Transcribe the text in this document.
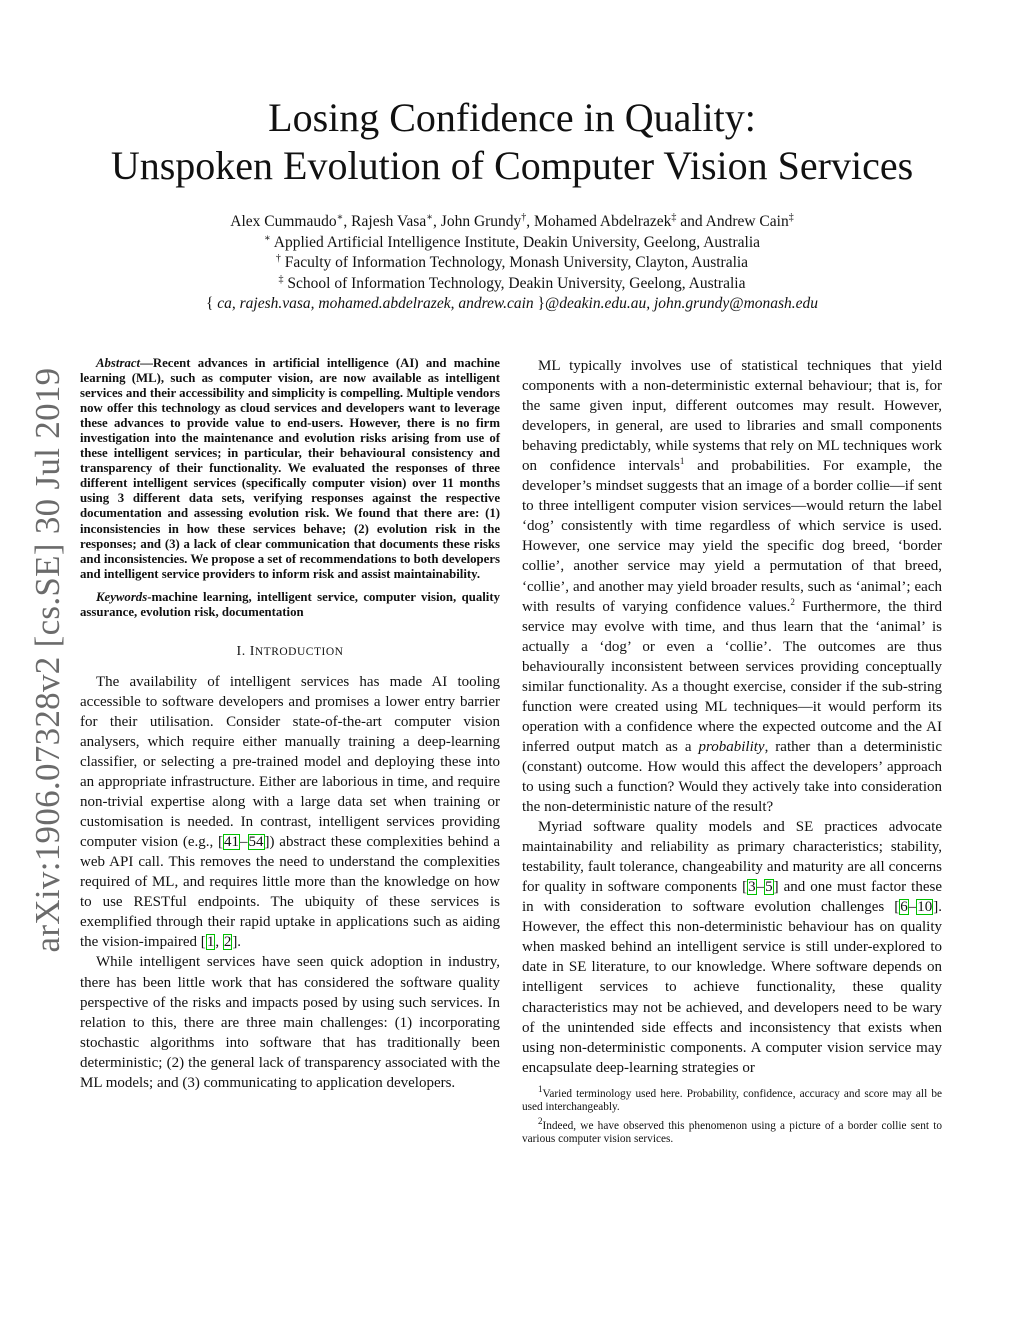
arXiv:1906.07328v2 [cs.SE] 30 Jul 2019
Losing Confidence in Quality:
Unspoken Evolution of Computer Vision Services
Alex Cummaudo∗, Rajesh Vasa∗, John Grundy†, Mohamed Abdelrazek‡ and Andrew Cain‡
∗ Applied Artificial Intelligence Institute, Deakin University, Geelong, Australia
† Faculty of Information Technology, Monash University, Clayton, Australia
‡ School of Information Technology, Deakin University, Geelong, Australia
{ ca, rajesh.vasa, mohamed.abdelrazek, andrew.cain }@deakin.edu.au, john.grundy@monash.edu

Abstract—Recent advances in artificial intelligence (AI) and machine learning (ML), such as computer vision, are now available as intelligent services and their accessibility and simplicity is compelling. Multiple vendors now offer this technology as cloud services and developers want to leverage these advances to provide value to end-users. However, there is no firm investigation into the maintenance and evolution risks arising from use of these intelligent services; in particular, their behavioural consistency and transparency of their functionality. We evaluated the responses of three different intelligent services (specifically computer vision) over 11 months using 3 different data sets, verifying responses against the respective documentation and assessing evolution risk. We found that there are: (1) inconsistencies in how these services behave; (2) evolution risk in the responses; and (3) a lack of clear communication that documents these risks and inconsistencies. We propose a set of recommendations to both developers and intelligent service providers to inform risk and assist maintainability.

Keywords-machine learning, intelligent service, computer vision, quality assurance, evolution risk, documentation

I. INTRODUCTION

The availability of intelligent services has made AI tooling accessible to software developers and promises a lower entry barrier for their utilisation. Consider state-of-the-art computer vision analysers, which require either manually training a deep-learning classifier, or selecting a pre-trained model and deploying these into an appropriate infrastructure. Either are laborious in time, and require non-trivial expertise along with a large data set when training or customisation is needed. In contrast, intelligent services providing computer vision (e.g., [41–54]) abstract these complexities behind a web API call. This removes the need to understand the complexities required of ML, and requires little more than the knowledge on how to use RESTful endpoints. The ubiquity of these services is exemplified through their rapid uptake in applications such as aiding the vision-impaired [1, 2].

While intelligent services have seen quick adoption in industry, there has been little work that has considered the software quality perspective of the risks and impacts posed by using such services. In relation to this, there are three main challenges: (1) incorporating stochastic algorithms into software that has traditionally been deterministic; (2) the general lack of transparency associated with the ML models; and (3) communicating to application developers.

ML typically involves use of statistical techniques that yield components with a non-deterministic external behaviour; that is, for the same given input, different outcomes may result. However, developers, in general, are used to libraries and small components behaving predictably, while systems that rely on ML techniques work on confidence intervals$^1$ and probabilities. For example, the developer’s mindset suggests that an image of a border collie—if sent to three intelligent computer vision services—would return the label ‘dog’ consistently with time regardless of which service is used. However, one service may yield the specific dog breed, ‘border collie’, another service may yield a permutation of that breed, ‘collie’, and another may yield broader results, such as ‘animal’; each with results of varying confidence values.$^2$ Furthermore, the third service may evolve with time, and thus learn that the ‘animal’ is actually a ‘dog’ or even a ‘collie’. The outcomes are thus behaviourally inconsistent between services providing conceptually similar functionality. As a thought exercise, consider if the sub-string function were created using ML techniques—it would perform its operation with a confidence where the expected outcome and the AI inferred output match as a probability, rather than a deterministic (constant) outcome. How would this affect the developers’ approach to using such a function? Would they actively take into consideration the non-deterministic nature of the result?

Myriad software quality models and SE practices advocate maintainability and reliability as primary characteristics; stability, testability, fault tolerance, changeability and maturity are all concerns for quality in software components [3–5] and one must factor these in with consideration to software evolution challenges [6–10]. However, the effect this non-deterministic behaviour has on quality when masked behind an intelligent service is still under-explored to date in SE literature, to our knowledge. Where software depends on intelligent services to achieve functionality, these quality characteristics may not be achieved, and developers need to be wary of the unintended side effects and inconsistency that exists when using non-deterministic components. A computer vision service may encapsulate deep-learning strategies or

$^1$Varied terminology used here. Probability, confidence, accuracy and score may all be used interchangeably.

$^2$Indeed, we have observed this phenomenon using a picture of a border collie sent to various computer vision services.
